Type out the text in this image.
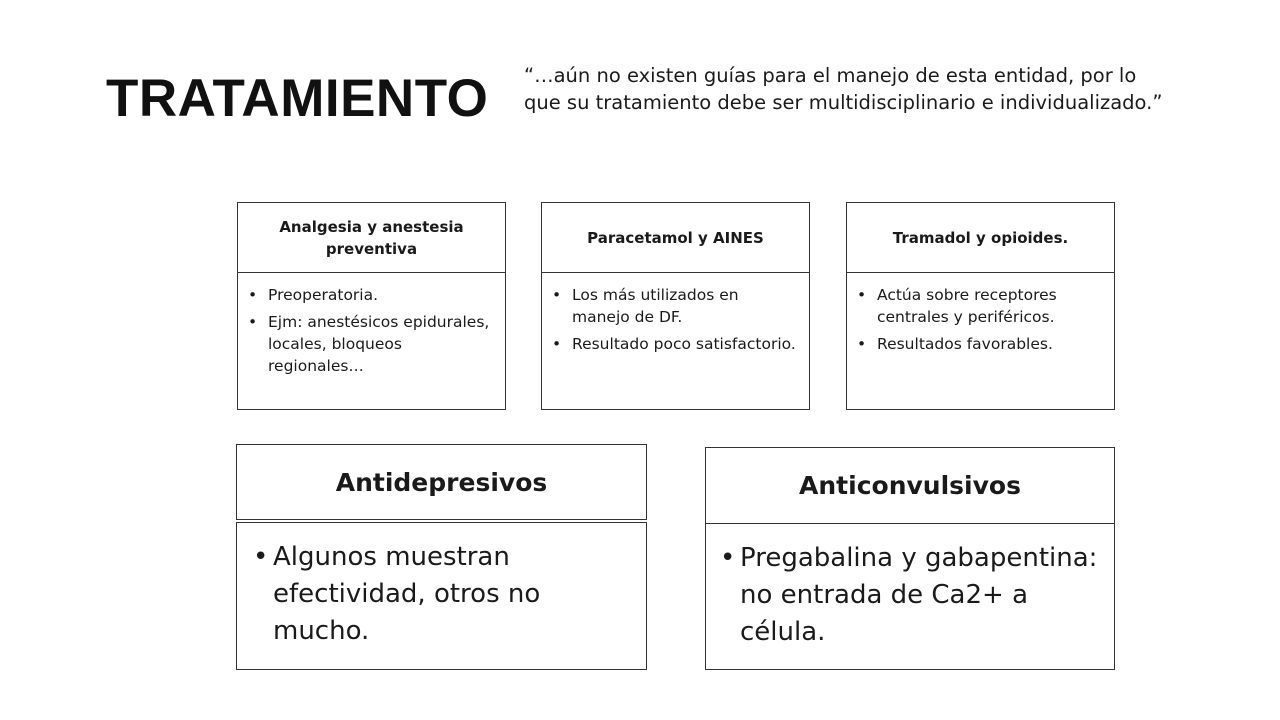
TRATAMIENTO “…aún no existen guías para el manejo de esta entidad, por lo que su tratamiento debe ser multidisciplinario e individualizado.”
Analgesia y anestesia preventiva
• Preoperatoria.
• Ejm: anestésicos epidurales, locales, bloqueos regionales…
Paracetamol y AINES
• Los más utilizados en manejo de DF.
• Resultado poco satisfactorio.
Tramadol y opioides.
• Actúa sobre receptores centrales y periféricos.
• Resultados favorables.
Antidepresivos
• Algunos muestran efectividad, otros no mucho.
Anticonvulsivos
• Pregabalina y gabapentina: no entrada de Ca2+ a célula.
